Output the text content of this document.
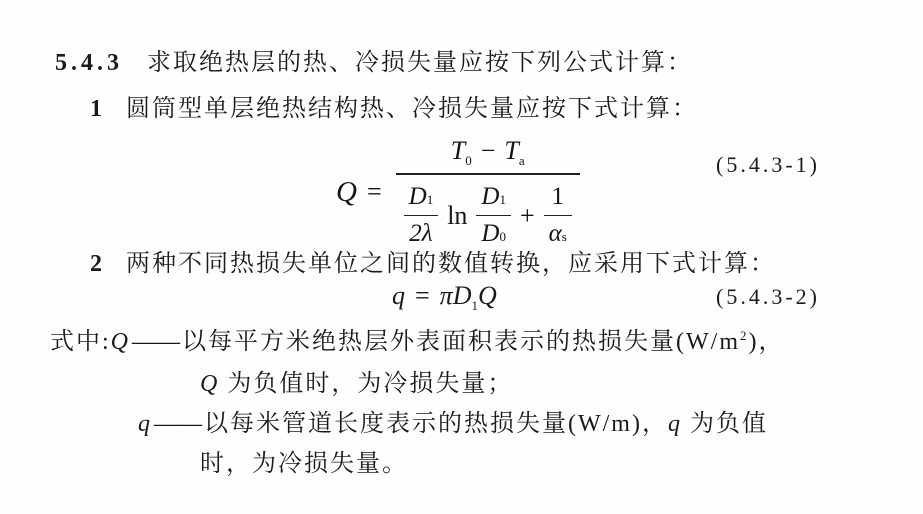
5.4.3 求取绝热层的热、冷损失量应按下列公式计算：
1 圆筒型单层绝热结构热、冷损失量应按下式计算：
Q =
$T_0 - T_a$
D 1
2λ
ln
D 1
D 0
+ $\frac{1}{\text{α s}}$
(5.4.3-1)
2 两种不同热损失单位之间的数值转换，应采用下式计算：
q = π $D_1$ Q	(5.4.3-2)
式中:Q——以每平方米绝热层外表面积表示的热损失量$(W/m^2)$，
Q 为负值时，为冷损失量；
q——以每米管道长度表示的热损失量(W/m)，q 为负值
时，为冷损失量。
